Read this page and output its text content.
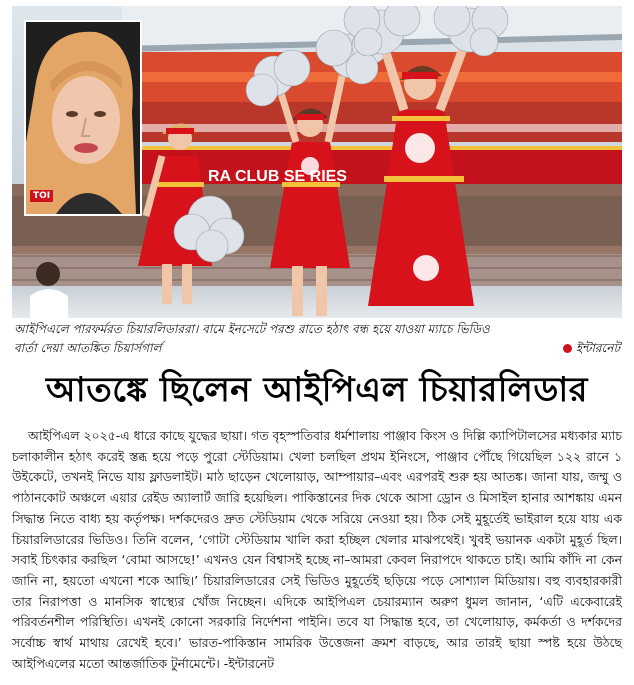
RA CLUB SE RIES
TOI
আইপিএলে পারফর্মরত চিয়ারলিডাররা। বামে ইনসেটে পরশু রাতে হঠাৎ বন্ধ হয়ে যাওয়া ম্যাচে ভিডিও
বার্তা দেয়া আতঙ্কিত চিয়ার্সগার্ল	ইন্টারনেট
আতঙ্কে ছিলেন আইপিএল চিয়ারলিডার

আইপিএল ২০২৫-এ ধারে কাছে যুদ্ধের ছায়া। গত বৃহস্পতিবার ধর্মশালায় পাঞ্জাব কিংস ও দিল্লি ক্যাপিটালসের মধ্যকার ম্যাচ চলাকালীন হঠাৎ করেই স্তব্ধ হয়ে পড়ে পুরো স্টেডিয়াম। খেলা চলছিল প্রথম ইনিংসে, পাঞ্জাব পৌঁছে গিয়েছিল ১২২ রানে ১ উইকেটে, তখনই নিভে যায় ফ্লাডলাইট। মাঠ ছাড়েন খেলোয়াড়, আম্পায়ার–এবং এরপরই শুরু হয় আতঙ্ক। জানা যায়, জম্মু ও পাঠানকোট অঞ্চলে এয়ার রেইড অ্যালার্ট জারি হয়েছিল। পাকিস্তানের দিক থেকে আসা ড্রোন ও মিসাইল হানার আশঙ্কায় এমন সিদ্ধান্ত নিতে বাধ্য হয় কর্তৃপক্ষ। দর্শকদেরও দ্রুত স্টেডিয়াম থেকে সরিয়ে নেওয়া হয়। ঠিক সেই মুহূর্তেই ভাইরাল হয়ে যায় এক চিয়ারলিডারের ভিডিও। তিনি বলেন, ‘গোটা স্টেডিয়াম খালি করা হচ্ছিল খেলার মাঝপথেই। খুবই ভয়ানক একটা মুহূর্ত ছিল। সবাই চিৎকার করছিল ‘বোমা আসছে!’ এখনও যেন বিশ্বাসই হচ্ছে না–আমরা কেবল নিরাপদে থাকতে চাই। আমি কাঁদি না কেন জানি না, হয়তো এখনো শকে আছি।’ চিয়ারলিডারের সেই ভিডিও মুহূর্তেই ছড়িয়ে পড়ে সোশ্যাল মিডিয়ায়। বহু ব্যবহারকারী তার নিরাপত্তা ও মানসিক স্বাস্থ্যের খোঁজ নিচ্ছেন। এদিকে আইপিএল চেয়ারম্যান অরুণ ধুমল জানান, ‘এটি একেবারেই পরিবর্তনশীল পরিস্থিতি। এখনই কোনো সরকারি নির্দেশনা পাইনি। তবে যা সিদ্ধান্ত হবে, তা খেলোয়াড়, কর্মকর্তা ও দর্শকদের সর্বোচ্চ স্বার্থ মাথায় রেখেই হবে।’ ভারত-পাকিস্তান সামরিক উত্তেজনা ক্রমশ বাড়ছে, আর তারই ছায়া স্পষ্ট হয়ে উঠছে আইপিএলের মতো আন্তর্জাতিক টুর্নামেন্টে। -ইন্টারনেট
